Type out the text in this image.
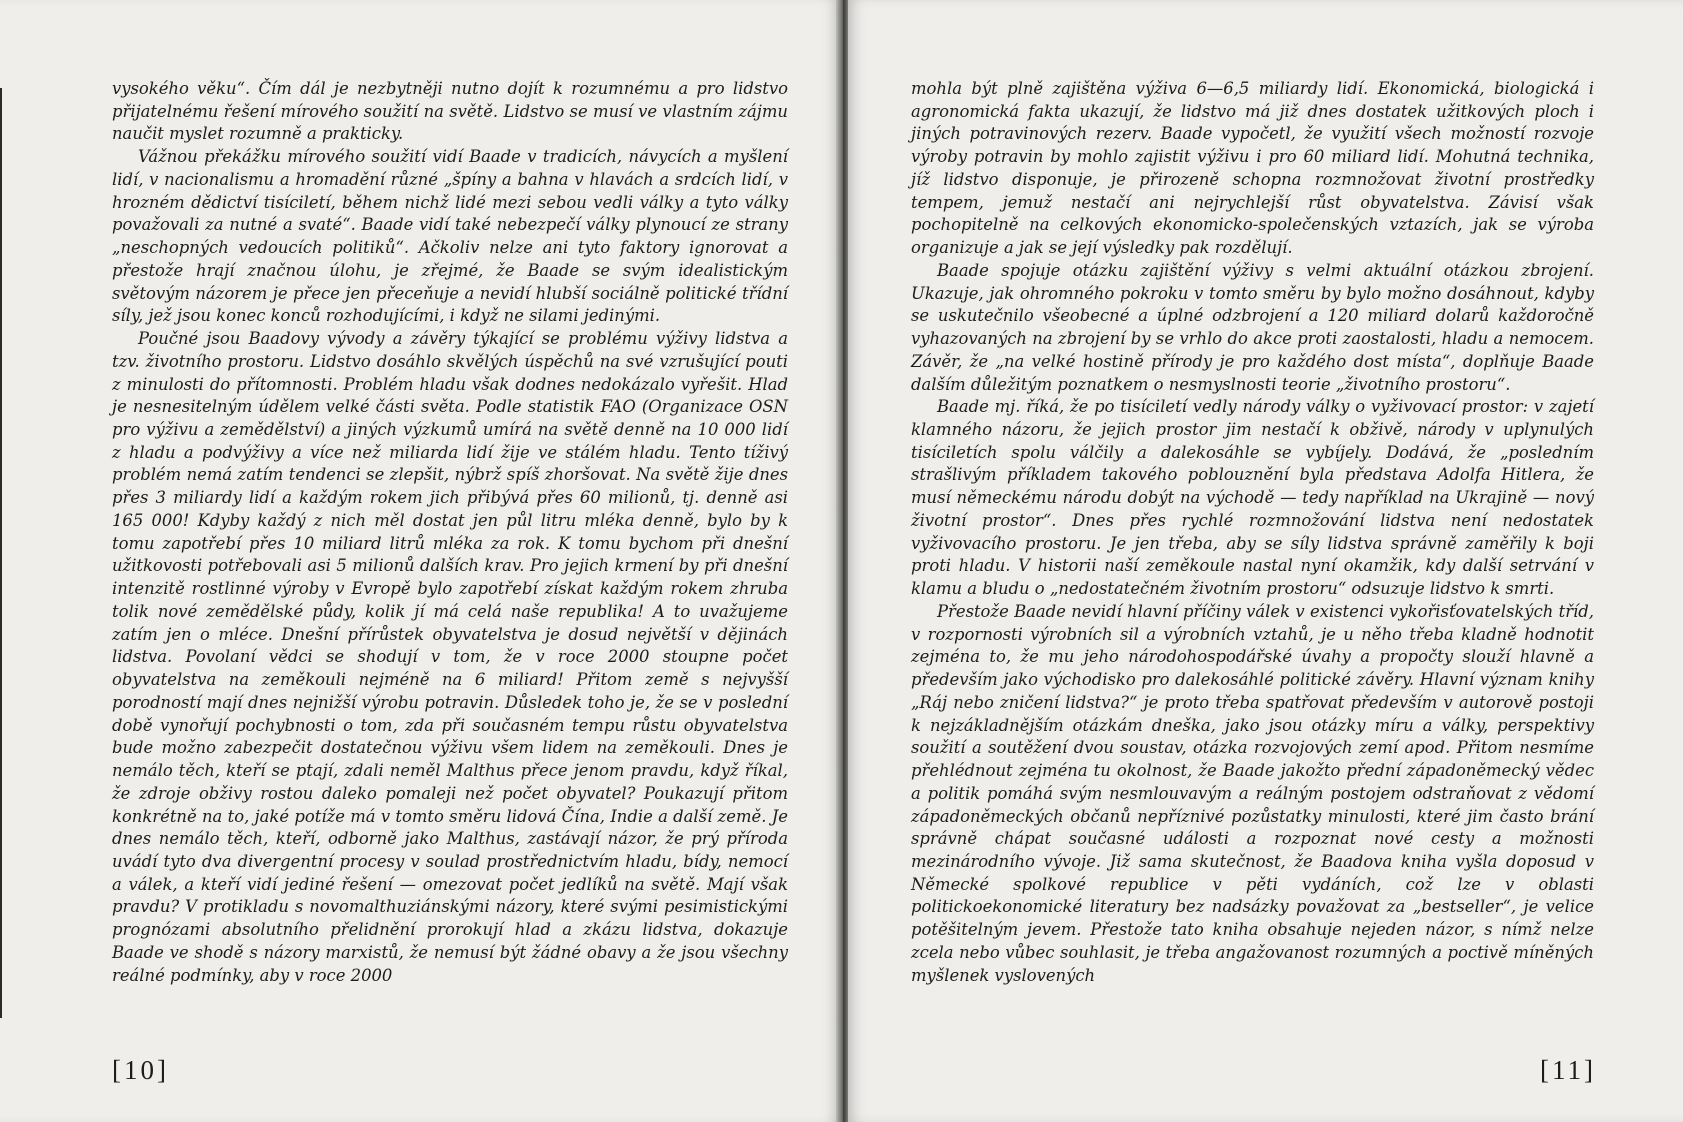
vysokého věku“. Čím dál je nezbytněji nutno dojít k rozumnému a pro lidstvo přijatelnému řešení mírového soužití na světě. Lidstvo se musí ve vlastním zájmu naučit myslet rozumně a prakticky.

Vážnou překážku mírového soužití vidí Baade v tradicích, návycích a myšlení lidí, v nacionalismu a hromadění různé „špíny a bahna v hlavách a srdcích lidí, v hrozném dědictví tisíciletí, během nichž lidé mezi sebou vedli války a tyto války považovali za nutné a svaté“. Baade vidí také nebezpečí války plynoucí ze strany „neschopných vedoucích politiků“. Ačkoliv nelze ani tyto faktory ignorovat a přestože hrají značnou úlohu, je zřejmé, že Baade se svým idealistickým světovým názorem je přece jen přeceňuje a nevidí hlubší sociálně politické třídní síly, jež jsou konec konců rozhodujícími, i když ne silami jedinými.

Poučné jsou Baadovy vývody a závěry týkající se problému výživy lidstva a tzv. životního prostoru. Lidstvo dosáhlo skvělých úspěchů na své vzrušující pouti z minulosti do přítomnosti. Problém hladu však dodnes nedokázalo vyřešit. Hlad je nesnesitelným údělem velké části světa. Podle statistik FAO (Organizace OSN pro výživu a zemědělství) a jiných výzkumů umírá na světě denně na 10 000 lidí z hladu a podvýživy a více než miliarda lidí žije ve stálém hladu. Tento tíživý problém nemá zatím tendenci se zlepšit, nýbrž spíš zhoršovat. Na světě žije dnes přes 3 miliardy lidí a každým rokem jich přibývá přes 60 milionů, tj. denně asi 165 000! Kdyby každý z nich měl dostat jen půl litru mléka denně, bylo by k tomu zapotřebí přes 10 miliard litrů mléka za rok. K tomu bychom při dnešní užitkovosti potřebovali asi 5 milionů dalších krav. Pro jejich krmení by při dnešní intenzitě rostlinné výroby v Evropě bylo zapotřebí získat každým rokem zhruba tolik nové zemědělské půdy, kolik jí má celá naše republika! A to uvažujeme zatím jen o mléce. Dnešní přírůstek obyvatelstva je dosud největší v dějinách lidstva. Povolaní vědci se shodují v tom, že v roce 2000 stoupne počet obyvatelstva na zeměkouli nejméně na 6 miliard! Přitom země s nejvyšší porodností mají dnes nejnižší výrobu potravin. Důsledek toho je, že se v poslední době vynořují pochybnosti o tom, zda při současném tempu růstu obyvatelstva bude možno zabezpečit dostatečnou výživu všem lidem na zeměkouli. Dnes je nemálo těch, kteří se ptají, zdali neměl Malthus přece jenom pravdu, když říkal, že zdroje obživy rostou daleko pomaleji než počet obyvatel? Poukazují přitom konkrétně na to, jaké potíže má v tomto směru lidová Čína, Indie a další země. Je dnes nemálo těch, kteří, odborně jako Malthus, zastávají názor, že prý příroda uvádí tyto dva divergentní procesy v soulad prostřednictvím hladu, bídy, nemocí a válek, a kteří vidí jediné řešení — omezovat počet jedlíků na světě. Mají však pravdu? V protikladu s novomalthuziánskými názory, které svými pesimistickými prognózami absolutního přelidnění prorokují hlad a zkázu lidstva, dokazuje Baade ve shodě s názory marxistů, že nemusí být žádné obavy a že jsou všechny reálné podmínky, aby v roce 2000

[10]

mohla být plně zajištěna výživa 6—6,5 miliardy lidí. Ekonomická, biologická i agronomická fakta ukazují, že lidstvo má již dnes dostatek užitkových ploch i jiných potravinových rezerv. Baade vypočetl, že využití všech možností rozvoje výroby potravin by mohlo zajistit výživu i pro 60 miliard lidí. Mohutná technika, jíž lidstvo disponuje, je přirozeně schopna rozmnožovat životní prostředky tempem, jemuž nestačí ani nejrychlejší růst obyvatelstva. Závisí však pochopitelně na celkových ekonomicko-společenských vztazích, jak se výroba organizuje a jak se její výsledky pak rozdělují.

Baade spojuje otázku zajištění výživy s velmi aktuální otázkou zbrojení. Ukazuje, jak ohromného pokroku v tomto směru by bylo možno dosáhnout, kdyby se uskutečnilo všeobecné a úplné odzbrojení a 120 miliard dolarů každoročně vyhazovaných na zbrojení by se vrhlo do akce proti zaostalosti, hladu a nemocem. Závěr, že „na velké hostině přírody je pro každého dost místa“, doplňuje Baade dalším důležitým poznatkem o nesmyslnosti teorie „životního prostoru“.

Baade mj. říká, že po tisíciletí vedly národy války o vyživovací prostor: v zajetí klamného názoru, že jejich prostor jim nestačí k obživě, národy v uplynulých tisíciletích spolu válčily a dalekosáhle se vybíjely. Dodává, že „posledním strašlivým příkladem takového poblouznění byla představa Adolfa Hitlera, že musí německému národu dobýt na východě — tedy například na Ukrajině — nový životní prostor“. Dnes přes rychlé rozmnožování lidstva není nedostatek vyživovacího prostoru. Je jen třeba, aby se síly lidstva správně zaměřily k boji proti hladu. V historii naší zeměkoule nastal nyní okamžik, kdy další setrvání v klamu a bludu o „nedostatečném životním prostoru“ odsuzuje lidstvo k smrti.

Přestože Baade nevidí hlavní příčiny válek v existenci vykořisťovatelských tříd, v rozpornosti výrobních sil a výrobních vztahů, je u něho třeba kladně hodnotit zejména to, že mu jeho národohospodářské úvahy a propočty slouží hlavně a především jako východisko pro dalekosáhlé politické závěry. Hlavní význam knihy „Ráj nebo zničení lidstva?“ je proto třeba spatřovat především v autorově postoji k nejzákladnějším otázkám dneška, jako jsou otázky míru a války, perspektivy soužití a soutěžení dvou soustav, otázka rozvojových zemí apod. Přitom nesmíme přehlédnout zejména tu okolnost, že Baade jakožto přední západoněmecký vědec a politik pomáhá svým nesmlouvavým a reálným postojem odstraňovat z vědomí západoněmeckých občanů nepříznivé pozůstatky minulosti, které jim často brání správně chápat současné události a rozpoznat nové cesty a možnosti mezinárodního vývoje. Již sama skutečnost, že Baadova kniha vyšla doposud v Německé spolkové republice v pěti vydáních, což lze v oblasti politickoekonomické literatury bez nadsázky považovat za „bestseller“, je velice potěšitelným jevem. Přestože tato kniha obsahuje nejeden názor, s nímž nelze zcela nebo vůbec souhlasit, je třeba angažovanost rozumných a poctivě míněných myšlenek vyslovených

[11]
